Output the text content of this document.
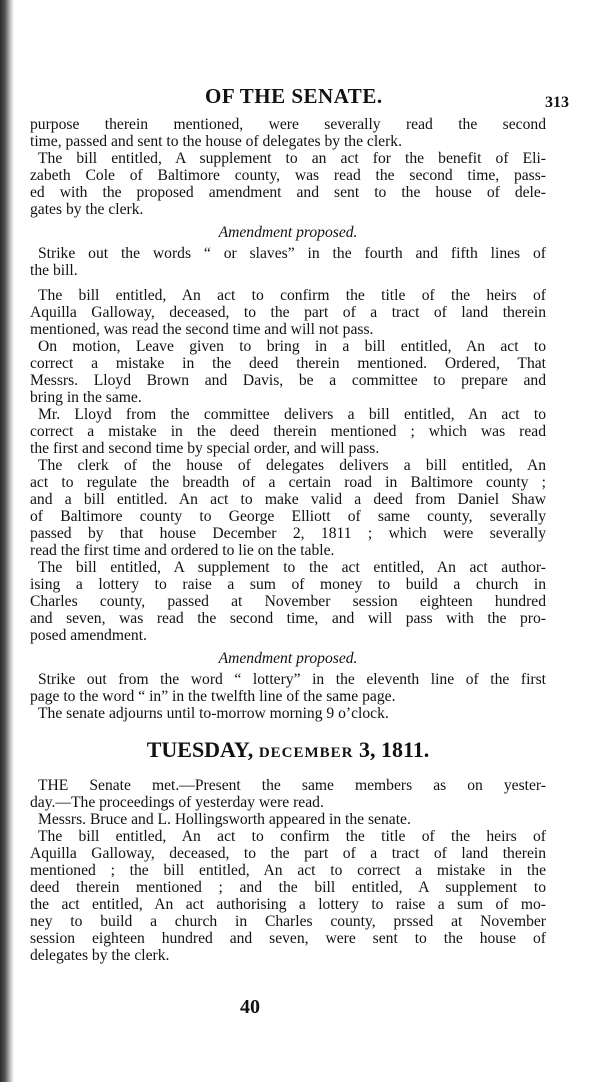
OF THE SENATE.	313
purpose therein mentioned, were severally read the second
time, passed and sent to the house of delegates by the clerk.
The bill entitled, A supplement to an act for the benefit of Eli-
zabeth Cole of Baltimore county, was read the second time, pass-
ed with the proposed amendment and sent to the house of dele-
gates by the clerk.
Amendment proposed.
Strike out the words “ or slaves” in the fourth and fifth lines of
the bill.
The bill entitled, An act to confirm the title of the heirs of
Aquilla Galloway, deceased, to the part of a tract of land therein
mentioned, was read the second time and will not pass.
On motion, Leave given to bring in a bill entitled, An act to
correct a mistake in the deed therein mentioned. Ordered, That
Messrs. Lloyd Brown and Davis, be a committee to prepare and
bring in the same.
Mr. Lloyd from the committee delivers a bill entitled, An act to
correct a mistake in the deed therein mentioned ; which was read
the first and second time by special order, and will pass.
The clerk of the house of delegates delivers a bill entitled, An
act to regulate the breadth of a certain road in Baltimore county ;
and a bill entitled. An act to make valid a deed from Daniel Shaw
of Baltimore county to George Elliott of same county, severally
passed by that house December 2, 1811 ; which were severally
read the first time and ordered to lie on the table.
The bill entitled, A supplement to the act entitled, An act author-
ising a lottery to raise a sum of money to build a church in
Charles county, passed at November session eighteen hundred
and seven, was read the second time, and will pass with the pro-
posed amendment.
Amendment proposed.
Strike out from the word “ lottery” in the eleventh line of the first
page to the word “ in” in the twelfth line of the same page.
The senate adjourns until to-morrow morning 9 o’clock.
TUESDAY, DECEMBER 3, 1811.
THE Senate met.—Present the same members as on yester-
day.—The proceedings of yesterday were read.
Messrs. Bruce and L. Hollingsworth appeared in the senate.
The bill entitled, An act to confirm the title of the heirs of
Aquilla Galloway, deceased, to the part of a tract of land therein
mentioned ; the bill entitled, An act to correct a mistake in the
deed therein mentioned ; and the bill entitled, A supplement to
the act entitled, An act authorising a lottery to raise a sum of mo-
ney to build a church in Charles county, prssed at November
session eighteen hundred and seven, were sent to the house of
delegates by the clerk.
40
